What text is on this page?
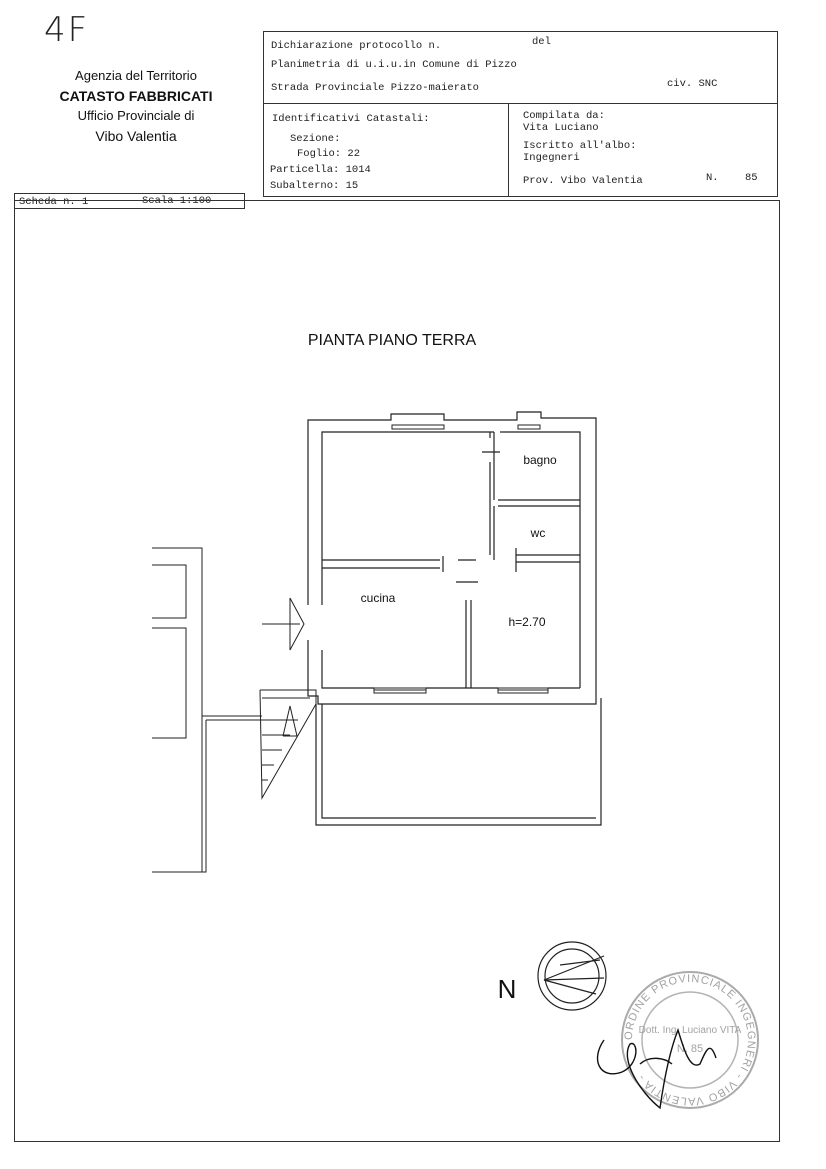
4F
Agenzia del Territorio
CATASTO FABBRICATI
Ufficio Provinciale di
Vibo Valentia
Dichiarazione protocollo n.	del
Planimetria di u.i.u.in Comune di Pizzo
Strada Provinciale Pizzo-maierato	civ. SNC
Identificativi Catastali:
Sezione:
Foglio: 22
Particella: 1014
Subalterno: 15
Compilata da:
Vita Luciano
Iscritto all'albo:
Ingegneri
Prov. Vibo Valentia	N.	85
Scheda n. 1	Scala 1:100
PIANTA PIANO TERRA
bagno
wc
cucina
h=2.70
N
ORDINE PROVINCIALE INGEGNERI - VIBO VALENTIA -
Dott. Ing. Luciano VITA
N. 85
